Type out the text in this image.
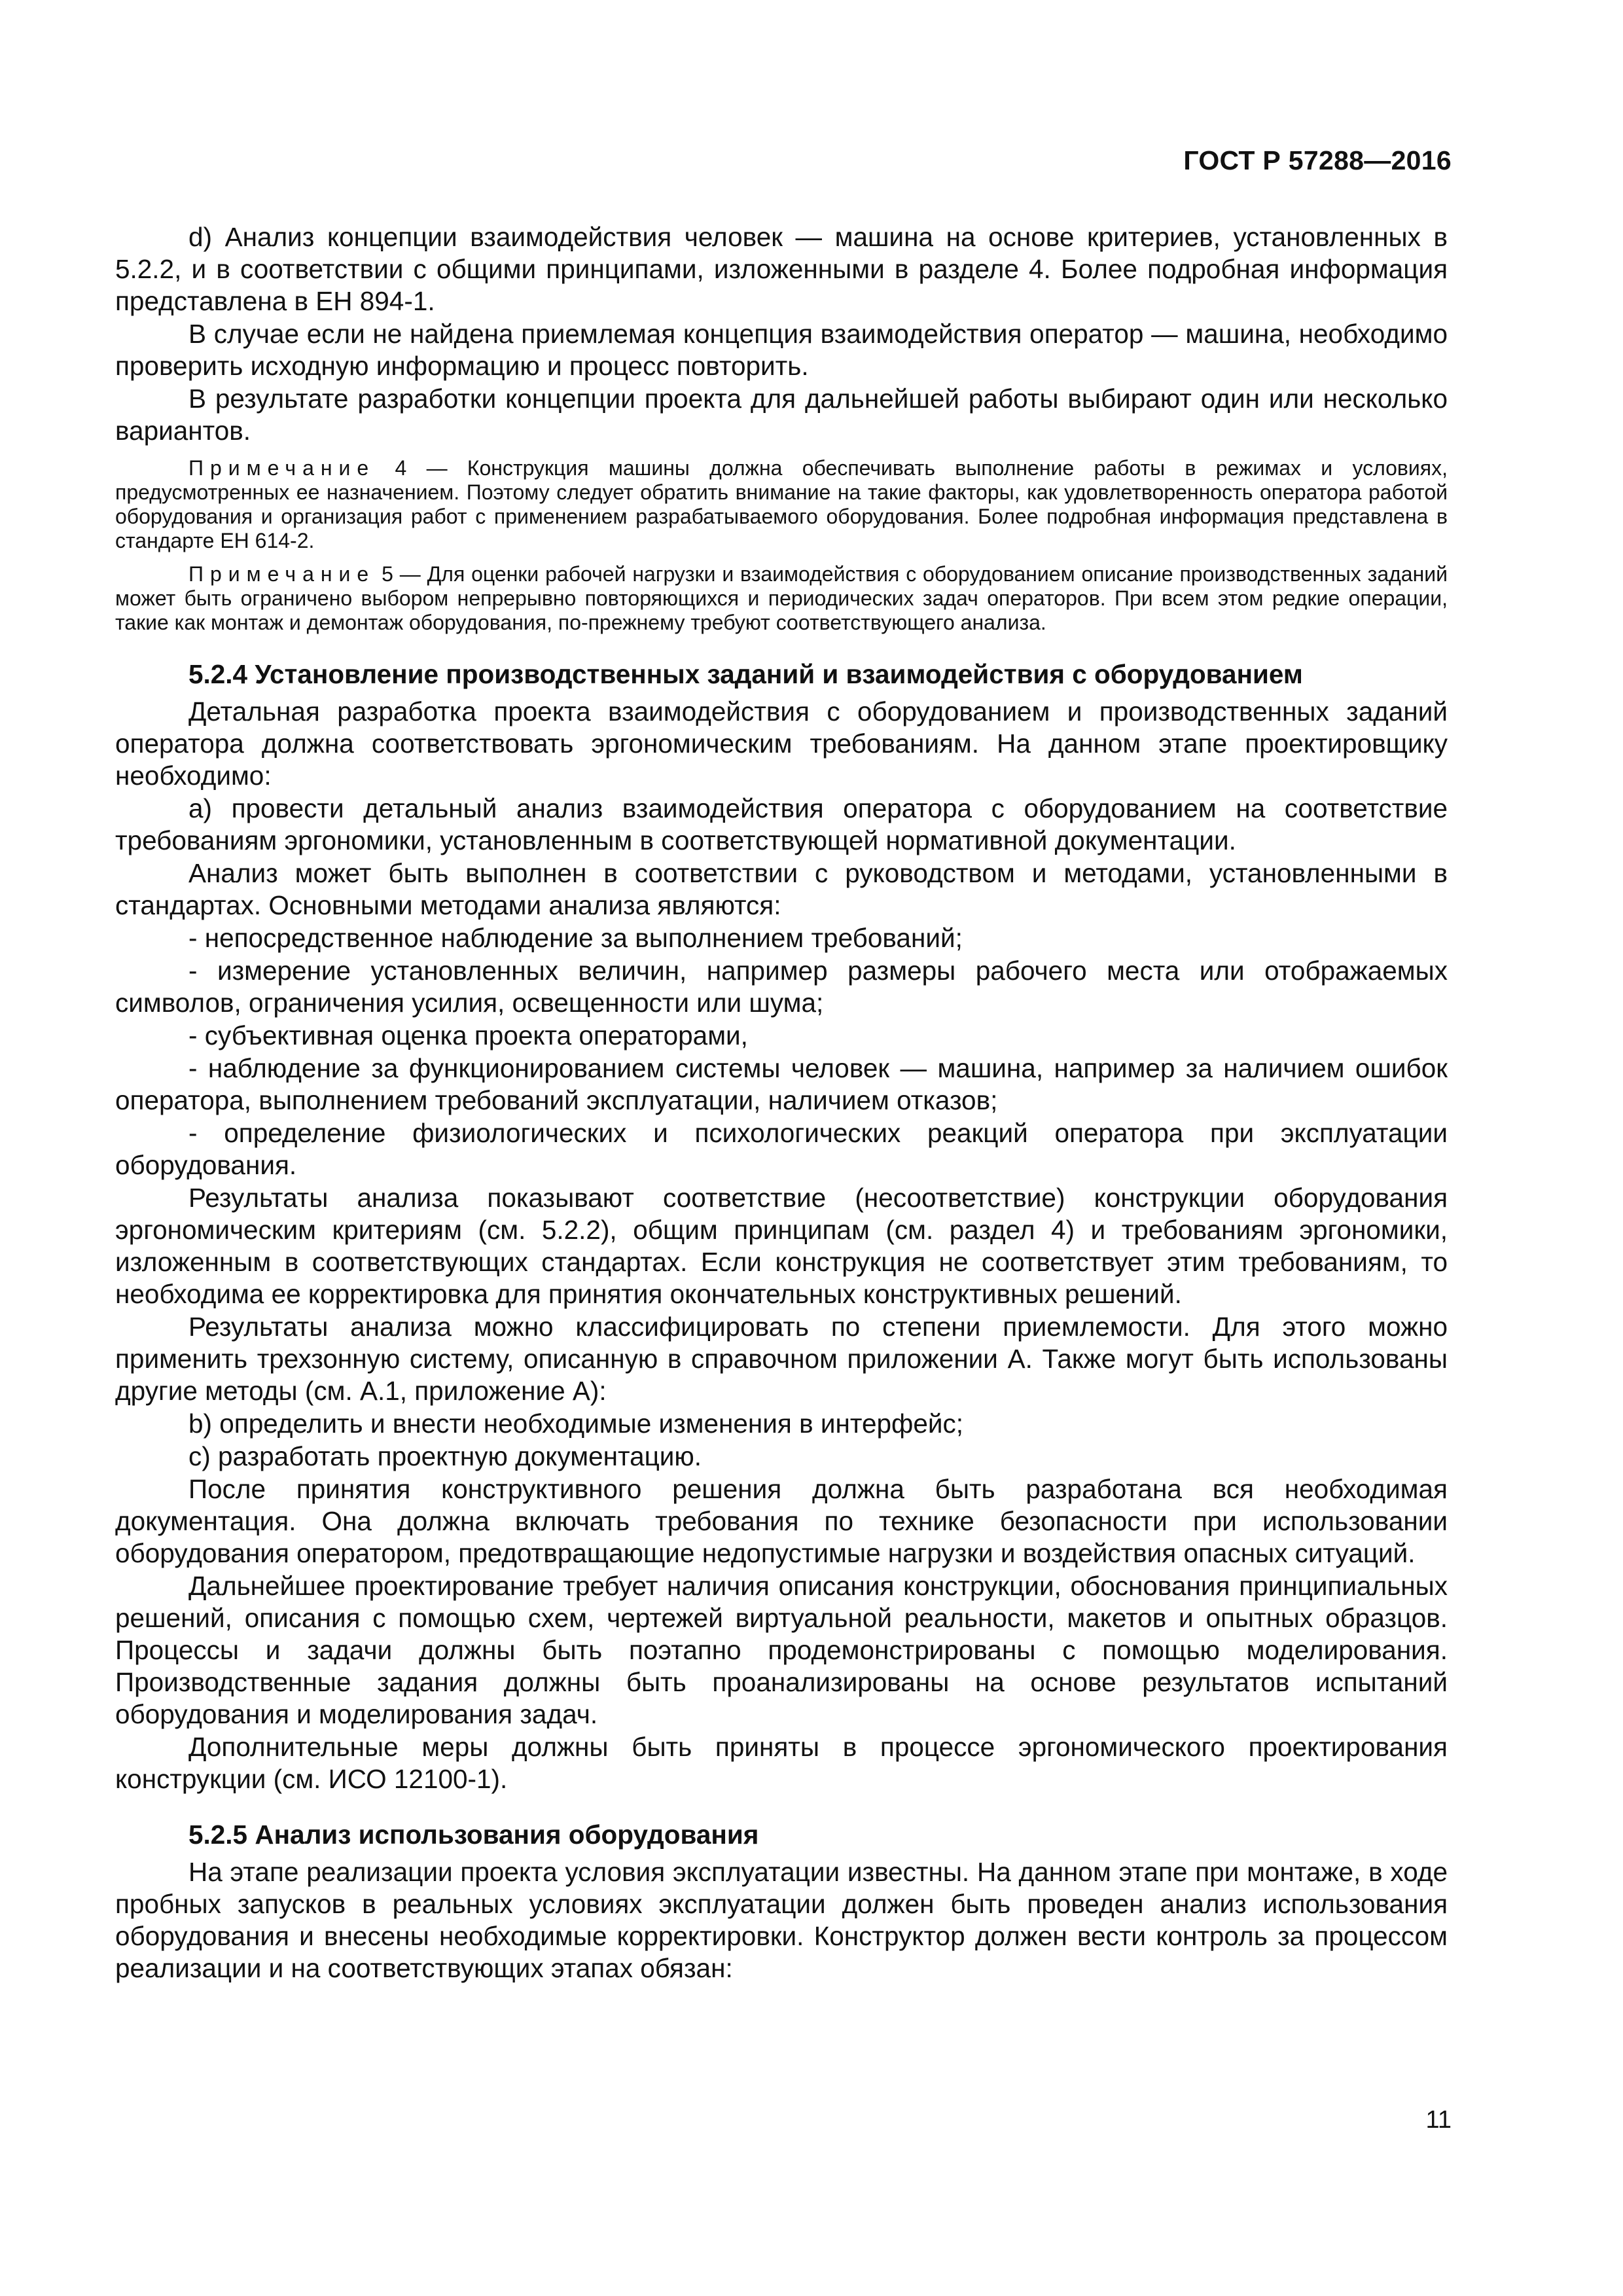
ГОСТ Р 57288—2016

d) Анализ концепции взаимодействия человек — машина на основе критериев, установленных в 5.2.2, и в соответствии с общими принципами, изложенными в разделе 4. Более подробная информация представлена в ЕН 894-1.

В случае если не найдена приемлемая концепция взаимодействия оператор — машина, необходимо проверить исходную информацию и процесс повторить.

В результате разработки концепции проекта для дальнейшей работы выбирают один или несколько вариантов.

Примечание 4 — Конструкция машины должна обеспечивать выполнение работы в режимах и условиях, предусмотренных ее назначением. Поэтому следует обратить внимание на такие факторы, как удовлетворенность оператора работой оборудования и организация работ с применением разрабатываемого оборудования. Более подробная информация представлена в стандарте ЕН 614-2.

Примечание 5 — Для оценки рабочей нагрузки и взаимодействия с оборудованием описание производственных заданий может быть ограничено выбором непрерывно повторяющихся и периодических задач операторов. При всем этом редкие операции, такие как монтаж и демонтаж оборудования, по-прежнему требуют соответствующего анализа.

5.2.4 Установление производственных заданий и взаимодействия с оборудованием

Детальная разработка проекта взаимодействия с оборудованием и производственных заданий оператора должна соответствовать эргономическим требованиям. На данном этапе проектировщику необходимо:

а) провести детальный анализ взаимодействия оператора с оборудованием на соответствие требованиям эргономики, установленным в соответствующей нормативной документации.

Анализ может быть выполнен в соответствии с руководством и методами, установленными в стандартах. Основными методами анализа являются:

- непосредственное наблюдение за выполнением требований;

- измерение установленных величин, например размеры рабочего места или отображаемых символов, ограничения усилия, освещенности или шума;

- субъективная оценка проекта операторами,

- наблюдение за функционированием системы человек — машина, например за наличием ошибок оператора, выполнением требований эксплуатации, наличием отказов;

- определение физиологических и психологических реакций оператора при эксплуатации оборудования.

Результаты анализа показывают соответствие (несоответствие) конструкции оборудования эргономическим критериям (см. 5.2.2), общим принципам (см. раздел 4) и требованиям эргономики, изложенным в соответствующих стандартах. Если конструкция не соответствует этим требованиям, то необходима ее корректировка для принятия окончательных конструктивных решений.

Результаты анализа можно классифицировать по степени приемлемости. Для этого можно применить трехзонную систему, описанную в справочном приложении А. Также могут быть использованы другие методы (см. А.1, приложение А):

b) определить и внести необходимые изменения в интерфейс;

c) разработать проектную документацию.

После принятия конструктивного решения должна быть разработана вся необходимая документация. Она должна включать требования по технике безопасности при использовании оборудования оператором, предотвращающие недопустимые нагрузки и воздействия опасных ситуаций.

Дальнейшее проектирование требует наличия описания конструкции, обоснования принципиальных решений, описания с помощью схем, чертежей виртуальной реальности, макетов и опытных образцов. Процессы и задачи должны быть поэтапно продемонстрированы с помощью моделирования. Производственные задания должны быть проанализированы на основе результатов испытаний оборудования и моделирования задач.

Дополнительные меры должны быть приняты в процессе эргономического проектирования конструкции (см. ИСО 12100-1).

5.2.5 Анализ использования оборудования

На этапе реализации проекта условия эксплуатации известны. На данном этапе при монтаже, в ходе пробных запусков в реальных условиях эксплуатации должен быть проведен анализ использования оборудования и внесены необходимые корректировки. Конструктор должен вести контроль за процессом реализации и на соответствующих этапах обязан:

11
